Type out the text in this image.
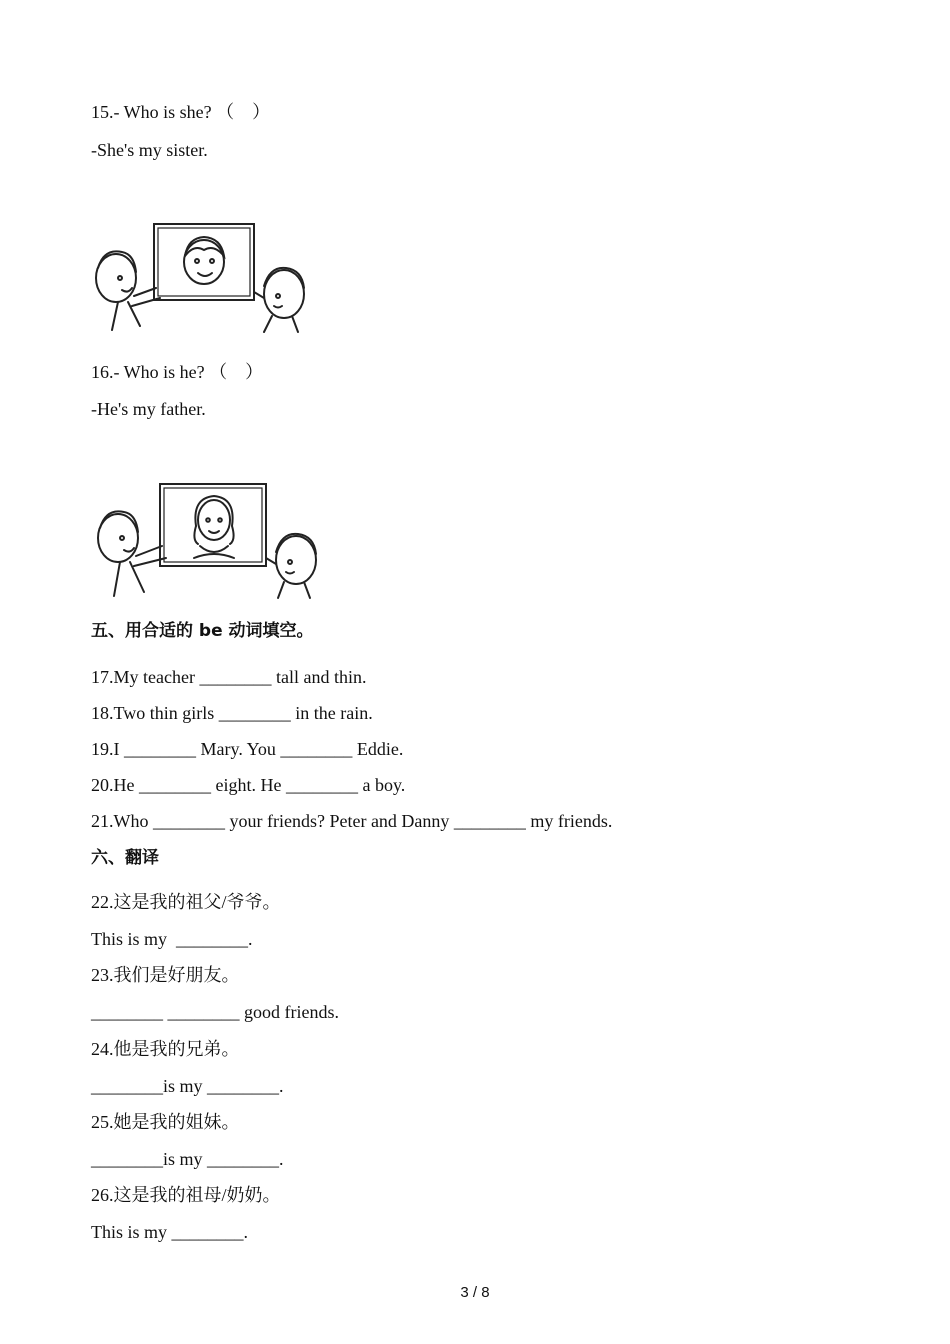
15.- Who is she? （　）
-She's my sister.
16.- Who is he? （　）
-He's my father.
五、用合适的 be 动词填空。
17.My teacher ________ tall and thin.
18.Two thin girls ________ in the rain.
19.I ________ Mary. You ________ Eddie.
20.He ________ eight. He ________ a boy.
21.Who ________ your friends? Peter and Danny ________ my friends.
六、翻译
22.这是我的祖父/爷爷。
This is my  ________.
23.我们是好朋友。
________ ________ good friends.
24.他是我的兄弟。
________is my ________.
25.她是我的姐妹。
________is my ________.
26.这是我的祖母/奶奶。
This is my ________.
3 / 8
